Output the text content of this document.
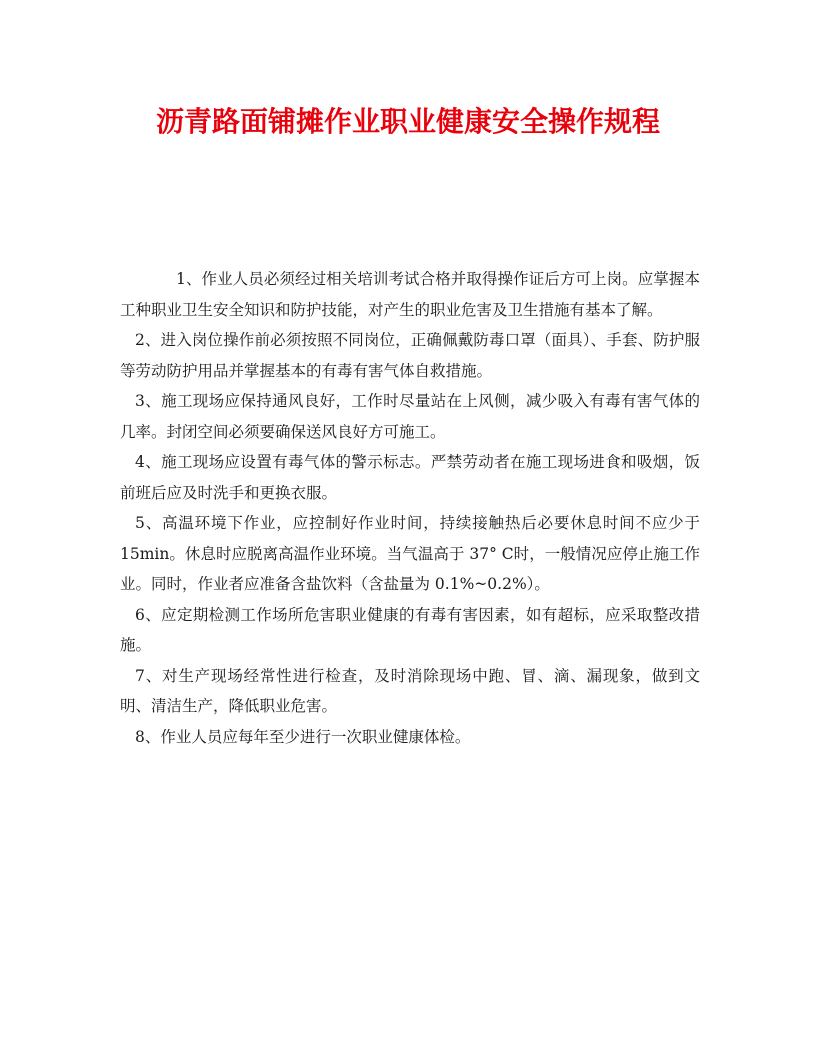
沥青路面铺摊作业职业健康安全操作规程

1、作业人员必须经过相关培训考试合格并取得操作证后方可上岗。应掌握本工种职业卫生安全知识和防护技能，对产生的职业危害及卫生措施有基本了解。

2、进入岗位操作前必须按照不同岗位，正确佩戴防毒口罩（面具）、手套、防护服等劳动防护用品并掌握基本的有毒有害气体自救措施。

3、施工现场应保持通风良好，工作时尽量站在上风侧，减少吸入有毒有害气体的几率。封闭空间必须要确保送风良好方可施工。

4、施工现场应设置有毒气体的警示标志。严禁劳动者在施工现场进食和吸烟，饭前班后应及时洗手和更换衣服。

5、高温环境下作业，应控制好作业时间，持续接触热后必要休息时间不应少于15min。休息时应脱离高温作业环境。当气温高于 37° C时，一般情况应停止施工作业。同时，作业者应准备含盐饮料（含盐量为 0.1%~0.2%）。

6、应定期检测工作场所危害职业健康的有毒有害因素，如有超标，应采取整改措施。

7、对生产现场经常性进行检查，及时消除现场中跑、冒、滴、漏现象，做到文明、清洁生产，降低职业危害。

8、作业人员应每年至少进行一次职业健康体检。
